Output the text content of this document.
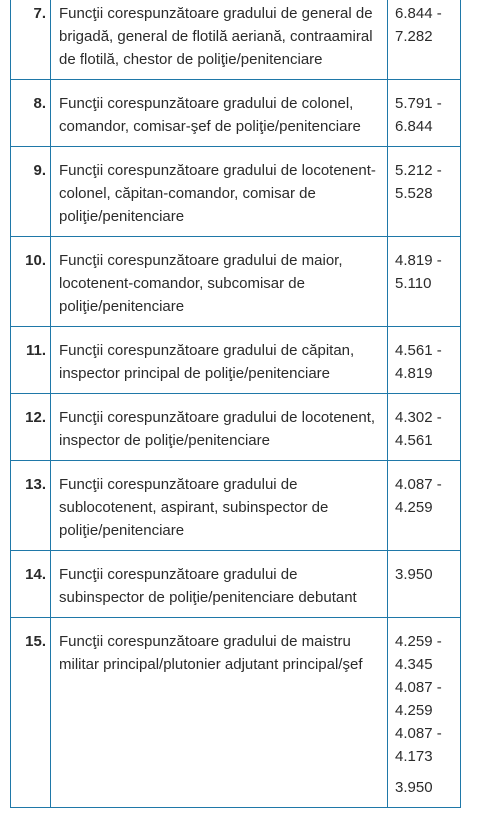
7.	Funcţii corespunzătoare gradului de general de brigadă, general de flotilă aeriană, contraamiral de flotilă, chestor de poliţie/penitenciare	6.844 - 7.282

8.	Funcţii corespunzătoare gradului de colonel, comandor, comisar-şef de poliţie/penitenciare	5.791 - 6.844

9.	Funcţii corespunzătoare gradului de locotenent-colonel, căpitan-comandor, comisar de poliţie/penitenciare	5.212 - 5.528

10.	Funcţii corespunzătoare gradului de maior, locotenent-comandor, subcomisar de poliţie/penitenciare	4.819 - 5.110

11.	Funcţii corespunzătoare gradului de căpitan, inspector principal de poliţie/penitenciare	4.561 - 4.819

12.	Funcţii corespunzătoare gradului de locotenent, inspector de poliţie/penitenciare	4.302 - 4.561

13.	Funcţii corespunzătoare gradului de sublocotenent, aspirant, subinspector de poliţie/penitenciare	4.087 - 4.259

14.	Funcţii corespunzătoare gradului de subinspector de poliţie/penitenciare debutant	3.950

15.	Funcţii corespunzătoare gradului de maistru militar principal/plutonier adjutant principal/şef	4.259 - 4.345
4.087 - 4.259
4.087 - 4.173
3.950
